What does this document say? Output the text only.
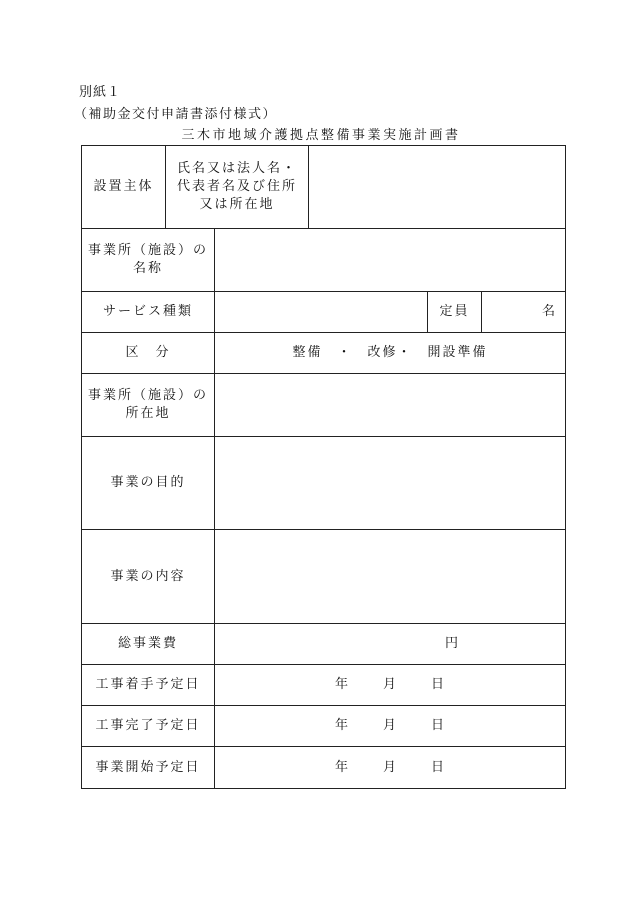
別紙１
（補助金交付申請書添付様式）
三木市地域介護拠点整備事業実施計画書
設置主体	氏名又は法人名・
代表者名及び住所
又は所在地				

事業所（施設）の
名称					

サービス種類				定員	名
区　分		整備　・　改修・　開設準備			

事業所（施設）の
所在地					

事業の目的					
事業の内容					
総事業費		円			
工事着手予定日		年 月 日			
工事完了予定日		年 月 日			
事業開始予定日		年 月 日			
